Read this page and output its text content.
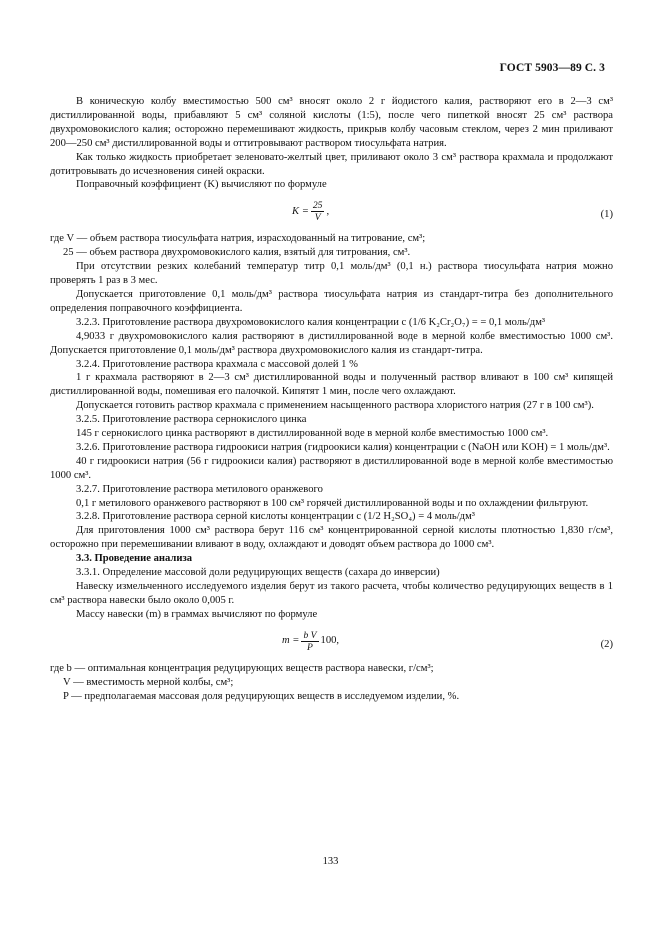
ГОСТ 5903—89 С. 3

В коническую колбу вместимостью 500 см³ вносят около 2 г йодистого калия, растворяют его в 2—3 см³ дистиллированной воды, прибавляют 5 см³ соляной кислоты (1:5), после чего пипеткой вносят 25 см³ раствора двухромовокислого калия; осторожно перемешивают жидкость, прикрыв колбу часовым стеклом, через 2 мин приливают 200—250 см³ дистиллированной воды и оттитровывают раствором тиосульфата натрия.

Как только жидкость приобретает зеленовато-желтый цвет, приливают около 3 см³ раствора крахмала и продолжают дотитровывать до исчезновения синей окраски.

Поправочный коэффициент (K) вычисляют по формуле

$K = \frac{25}{V}$ ,	(1)

где V — объем раствора тиосульфата натрия, израсходованный на титрование, см³;

25 — объем раствора двухромовокислого калия, взятый для титрования, см³.

При отсутствии резких колебаний температур титр 0,1 моль/дм³ (0,1 н.) раствора тиосульфата натрия можно проверять 1 раз в 3 мес.

Допускается приготовление 0,1 моль/дм³ раствора тиосульфата натрия из стандарт-титра без дополнительного определения поправочного коэффициента.

3.2.3. Приготовление раствора двухромовокислого калия концентрации c (1/6 K₂Cr₂O₇) = = 0,1 моль/дм³

4,9033 г двухромовокислого калия растворяют в дистиллированной воде в мерной колбе вместимостью 1000 см³. Допускается приготовление 0,1 моль/дм³ раствора двухромовокислого калия из стандарт-титра.

3.2.4. Приготовление раствора крахмала с массовой долей 1 %

1 г крахмала растворяют в 2—3 см³ дистиллированной воды и полученный раствор вливают в 100 см³ кипящей дистиллированной воды, помешивая его палочкой. Кипятят 1 мин, после чего охлаждают.

Допускается готовить раствор крахмала с применением насыщенного раствора хлористого натрия (27 г в 100 см³).

3.2.5. Приготовление раствора сернокислого цинка

145 г сернокислого цинка растворяют в дистиллированной воде в мерной колбе вместимостью 1000 см³.

3.2.6. Приготовление раствора гидроокиси натрия (гидроокиси калия) концентрации c (NaOH или KOH) = 1 моль/дм³.

40 г гидроокиси натрия (56 г гидроокиси калия) растворяют в дистиллированной воде в мерной колбе вместимостью 1000 см³.

3.2.7. Приготовление раствора метилового оранжевого

0,1 г метилового оранжевого растворяют в 100 см³ горячей дистиллированной воды и по охлаждении фильтруют.

3.2.8. Приготовление раствора серной кислоты концентрации c (1/2 H₂SO₄) = 4 моль/дм³

Для приготовления 1000 см³ раствора берут 116 см³ концентрированной серной кислоты плотностью 1,830 г/см³, осторожно при перемешивании вливают в воду, охлаждают и доводят объем раствора до 1000 см³.

3.3. Проведение анализа

3.3.1. Определение массовой доли редуцирующих веществ (сахара до инверсии)

Навеску измельченного исследуемого изделия берут из такого расчета, чтобы количество редуцирующих веществ в 1 см³ раствора навески было около 0,005 г.

Массу навески (m) в граммах вычисляют по формуле

$m = \frac{\text{b V}}{P} 100$,	(2)

где b — оптимальная концентрация редуцирующих веществ раствора навески, г/см³;

V — вместимость мерной колбы, см³;

P — предполагаемая массовая доля редуцирующих веществ в исследуемом изделии, %.

133
